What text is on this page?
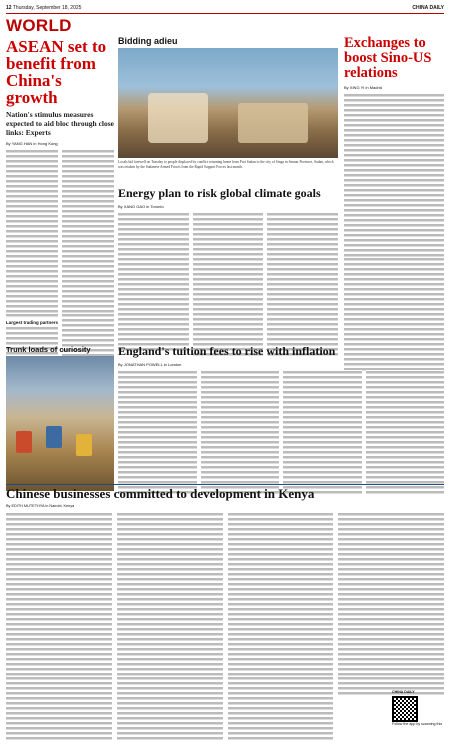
12 Thursday, September 18, 2025	CHINA DAILY
WORLD
ASEAN set to benefit from China's growth
Nation's stimulus measures expected to aid bloc through close links: Experts
By YANG HAN in Hong Kong
Largest trading partners
Bidding adieu
Locals bid farewell on Tuesday to people displaced by conflict returning home from Port Sudan to the city of Singa in Sennar Province, Sudan, which was retaken by the Sudanese Armed Forces from the Rapid Support Forces last month.
Energy plan to risk global climate goals
By XANG GAO in Toronto
Exchanges to boost Sino-US relations
By XING YI in Madrid
Trunk loads of curiosity	England's tuition fees to rise with inflation
By JONATHAN POWELL in London
Chinese businesses committed to development in Kenya
By EDITH MUTETHYA in Nairobi, Kenya
CHINA DAILY
Follow the app by scanning this
